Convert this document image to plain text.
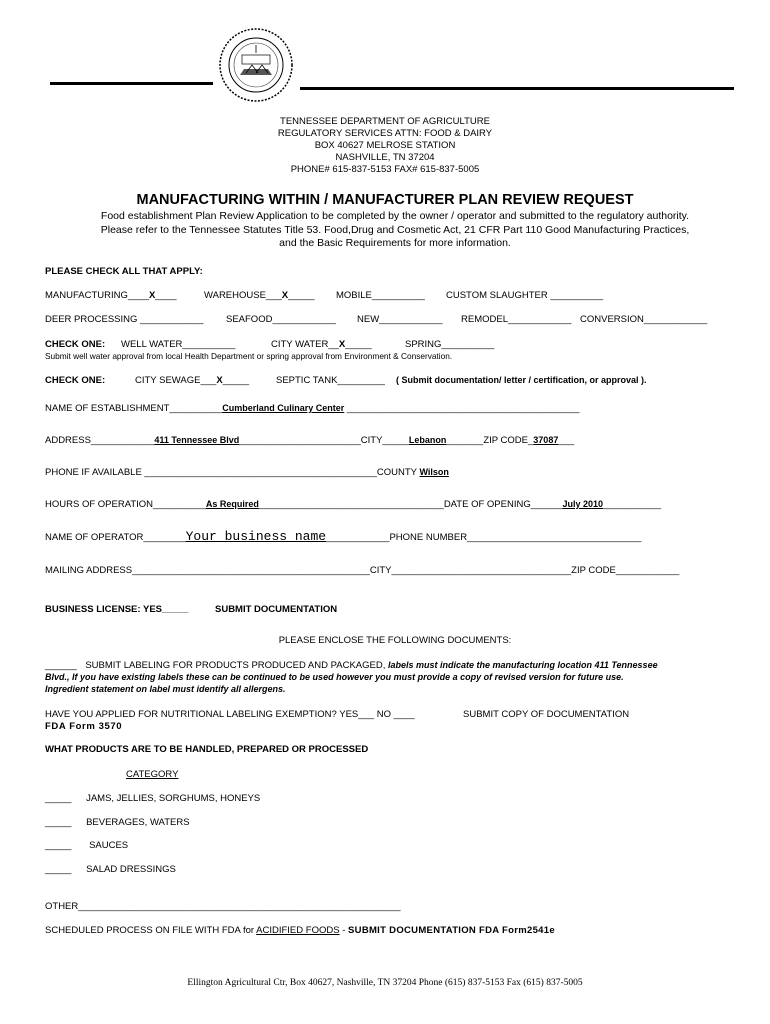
TENNESSEE DEPARTMENT OF AGRICULTURE
REGULATORY SERVICES ATTN: FOOD & DAIRY
BOX 40627 MELROSE STATION
NASHVILLE, TN 37204
PHONE# 615-837-5153 FAX# 615-837-5005
MANUFACTURING WITHIN / MANUFACTURER PLAN REVIEW REQUEST
Food establishment Plan Review Application to be completed by the owner / operator and submitted to the regulatory authority.
Please refer to the Tennessee Statutes Title 53. Food,Drug and Cosmetic Act, 21 CFR Part 110 Good Manufacturing Practices,
and the Basic Requirements for more information.
PLEASE CHECK ALL THAT APPLY:
MANUFACTURING____X____	WAREHOUSE___X_____ MOBILE__________ CUSTOM SLAUGHTER __________
DEER PROCESSING ____________ SEAFOOD____________ NEW____________ REMODEL____________ CONVERSION____________
CHECK ONE: WELL WATER__________	CITY WATER__X_____	SPRING__________
Submit well water approval from local Health Department or spring approval from Environment & Conservation.
CHECK ONE:	CITY SEWAGE___X_____	SEPTIC TANK_________ ( Submit documentation/ letter / certification, or approval ).
NAME OF ESTABLISHMENT__________Cumberland Culinary Center ____________________________________________
ADDRESS____________411 Tennessee Blvd_______________________CITY_____Lebanon_______ZIP CODE_37087___
PHONE IF AVAILABLE ____________________________________________COUNTY Wilson
HOURS OF OPERATION__________As Required___________________________________DATE OF OPENING______July 2010___________
NAME OF OPERATOR________Your business name____________PHONE NUMBER_________________________________
MAILING ADDRESS_____________________________________________CITY__________________________________ZIP CODE____________
BUSINESS LICENSE: YES_____	SUBMIT DOCUMENTATION
PLEASE ENCLOSE THE FOLLOWING DOCUMENTS:
______ SUBMIT LABELING FOR PRODUCTS PRODUCED AND PACKAGED, labels must indicate the manufacturing location 411 Tennessee
Blvd., If you have existing labels these can be continued to be used however you must provide a copy of revised version for future use.
Ingredient statement on label must identify all allergens.
HAVE YOU APPLIED FOR NUTRITIONAL LABELING EXEMPTION? YES___ NO ____	SUBMIT COPY OF DOCUMENTATION
FDA Form 3570
WHAT PRODUCTS ARE TO BE HANDLED, PREPARED OR PROCESSED
CATEGORY
_____ JAMS, JELLIES, SORGHUMS, HONEYS
_____ BEVERAGES, WATERS
_____ SAUCES
_____ SALAD DRESSINGS
OTHER_____________________________________________________________
SCHEDULED PROCESS ON FILE WITH FDA for ACIDIFIED FOODS - SUBMIT DOCUMENTATION FDA Form2541e
Ellington Agricultural Ctr, Box 40627, Nashville, TN 37204 Phone (615) 837-5153 Fax (615) 837-5005
